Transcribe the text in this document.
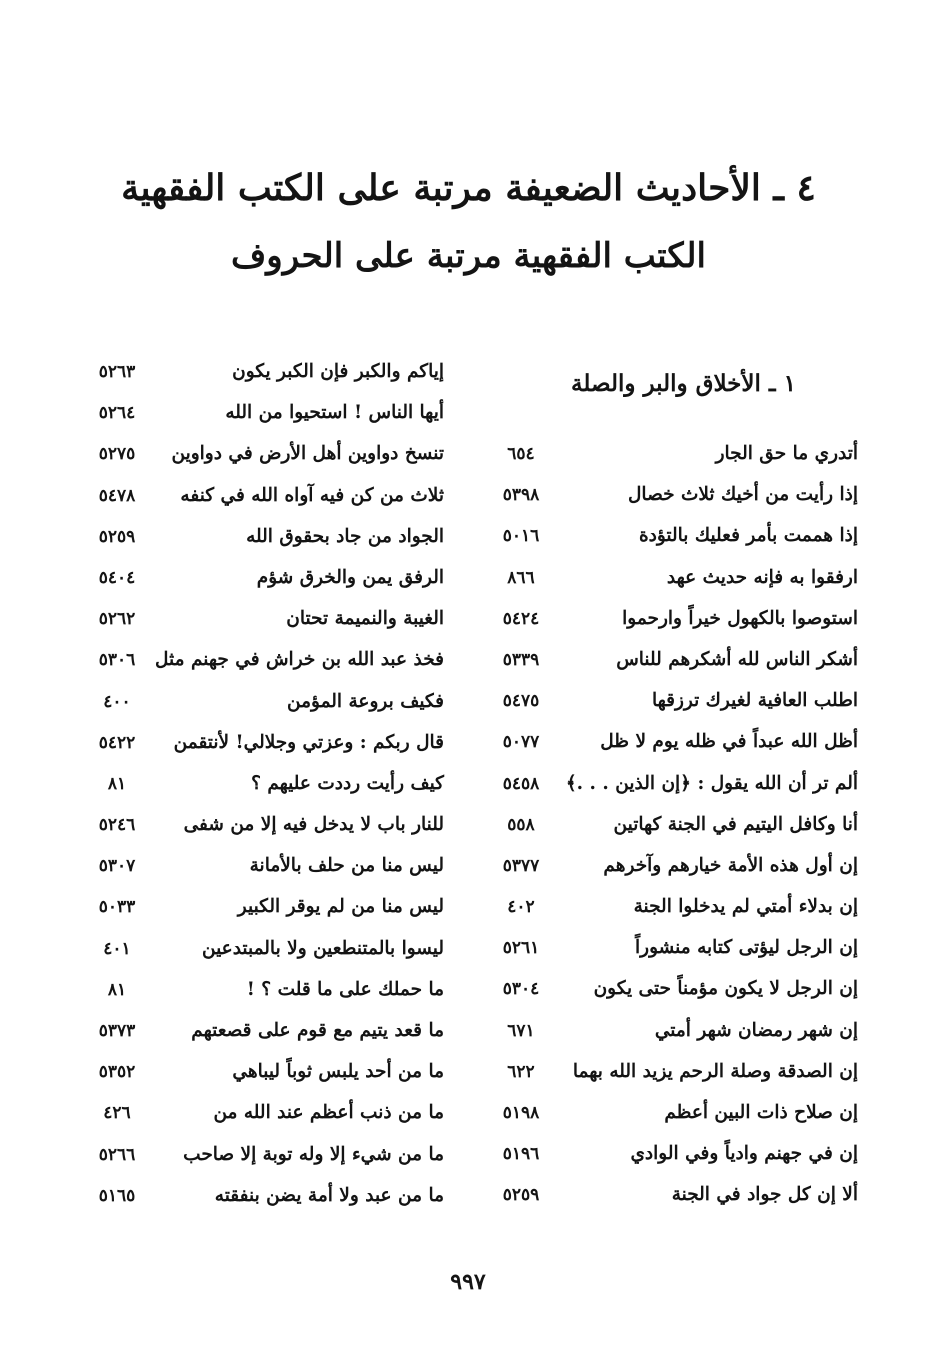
٤ ـ الأحاديث الضعيفة مرتبة على الكتب الفقهية
الكتب الفقهية مرتبة على الحروف
١ ـ الأخلاق والبر والصلة
أتدري ما حق الجار
٦٥٤
إذا رأيت من أخيك ثلاث خصال
٥٣٩٨
إذا هممت بأمر فعليك بالتؤدة
٥٠١٦
ارفقوا به فإنه حديث عهد
٨٦٦
استوصوا بالكهول خيراً وارحموا
٥٤٢٤
أشكر الناس لله أشكرهم للناس
٥٣٣٩
اطلب العافية لغيرك ترزقها
٥٤٧٥
أظل الله عبداً في ظله يوم لا ظل
٥٠٧٧
ألم تر أن الله يقول : ﴿إن الذين . . .﴾
٥٤٥٨
أنا وكافل اليتيم في الجنة كهاتين
٥٥٨
إن أول هذه الأمة خيارهم وآخرهم
٥٣٧٧
إن بدلاء أمتي لم يدخلوا الجنة
٤٠٢
إن الرجل ليؤتى كتابه منشوراً
٥٢٦١
إن الرجل لا يكون مؤمناً حتى يكون
٥٣٠٤
إن شهر رمضان شهر أمتي
٦٧١
إن الصدقة وصلة الرحم يزيد الله بهما
٦٢٢
إن صلاح ذات البين أعظم
٥١٩٨
إن في جهنم وادياً وفي الوادي
٥١٩٦
ألا إن كل جواد في الجنة
٥٢٥٩
إياكم والكبر فإن الكبر يكون
٥٢٦٣
أيها الناس ! استحيوا من الله
٥٢٦٤
تنسخ دواوين أهل الأرض في دواوين
٥٢٧٥
ثلاث من كن فيه آواه الله في كنفه
٥٤٧٨
الجواد من جاد بحقوق الله
٥٢٥٩
الرفق يمن والخرق شؤم
٥٤٠٤
الغيبة والنميمة تحتان
٥٢٦٢
فخذ عبد الله بن خراش في جهنم مثل
٥٣٠٦
فكيف بروعة المؤمن
٤٠٠
قال ربكم : وعزتي وجلالي! لأنتقمن
٥٤٢٢
كيف رأيت رددت عليهم ؟
٨١
للنار باب لا يدخل فيه إلا من شفى
٥٢٤٦
ليس منا من حلف بالأمانة
٥٣٠٧
ليس منا من لم يوقر الكبير
٥٠٣٣
ليسوا بالمتنطعين ولا بالمبتدعين
٤٠١
ما حملك على ما قلت ؟ !
٨١
ما قعد يتيم مع قوم على قصعتهم
٥٣٧٣
ما من أحد يلبس ثوباً ليباهي
٥٣٥٢
ما من ذنب أعظم عند الله من
٤٢٦
ما من شيء إلا وله توبة إلا صاحب
٥٢٦٦
ما من عبد ولا أمة يضن بنفقته
٥١٦٥
٩٩٧
